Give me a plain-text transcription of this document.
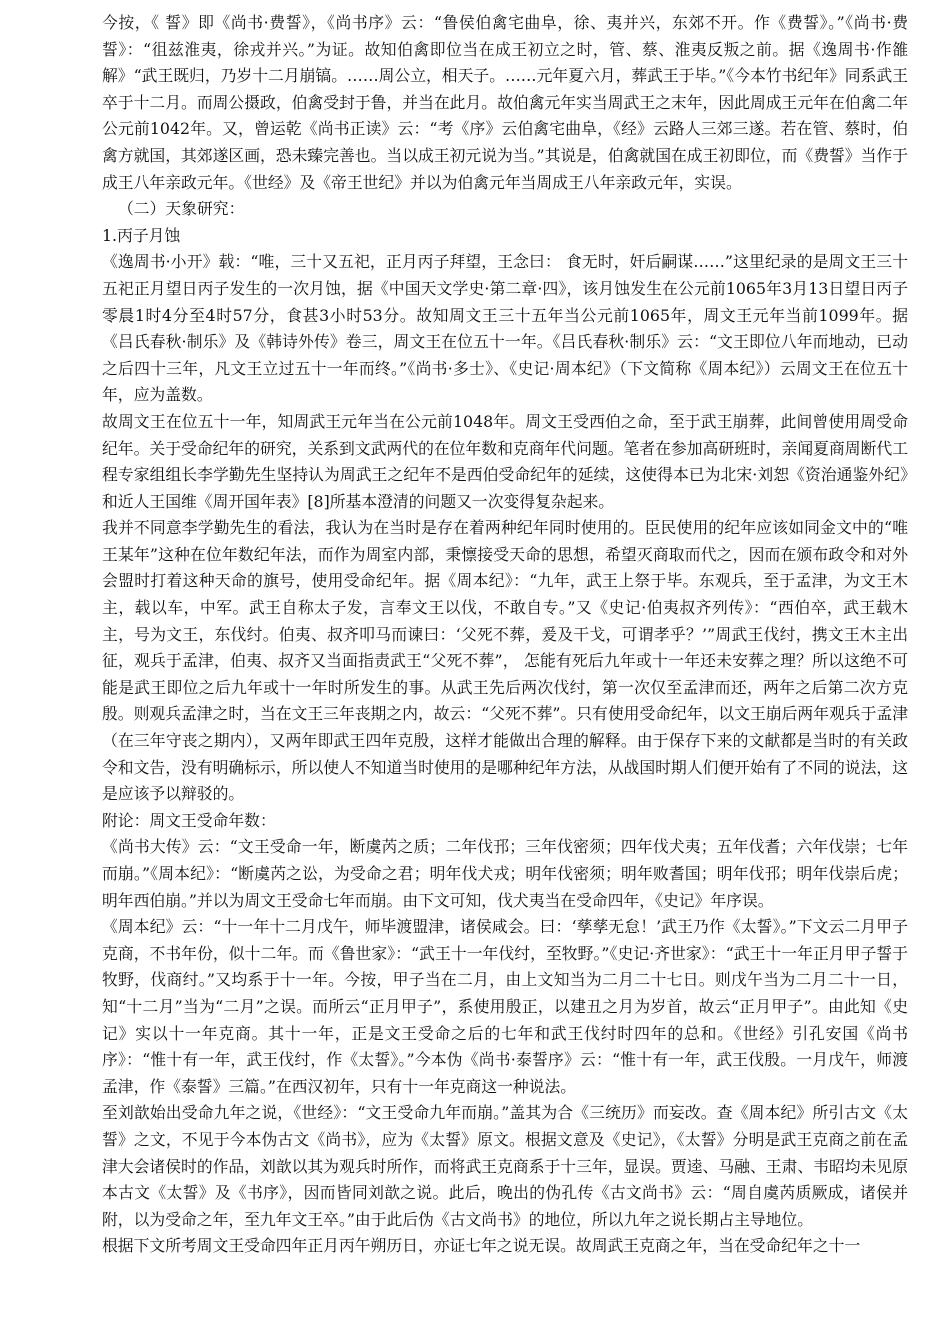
今按，《 誓》即《尚书·费誓》，《尚书序》云：“鲁侯伯禽宅曲阜，徐、夷并兴，东郊不开。作《费誓》。”《尚书·费誓》：“徂兹淮夷，徐戎并兴。”为证。故知伯禽即位当在成王初立之时，管、蔡、淮夷反叛之前。据《逸周书·作雒解》“武王既归，乃岁十二月崩镐。……周公立，相天子。……元年夏六月，葬武王于毕。”《今本竹书纪年》同系武王卒于十二月。而周公摄政，伯禽受封于鲁，并当在此月。故伯禽元年实当周武王之末年，因此周成王元年在伯禽二年公元前1042年。又，曾运乾《尚书正读》云：“考《序》云伯禽宅曲阜，《经》云路人三郊三遂。若在管、蔡时，伯禽方就国，其郊遂区画，恐未臻完善也。当以成王初元说为当。”其说是，伯禽就国在成王初即位，而《费誓》当作于成王八年亲政元年。《世经》及《帝王世纪》并以为伯禽元年当周成王八年亲政元年，实误。

（二）天象研究：

1.丙子月蚀

《逸周书·小开》载：“唯，三十又五祀，正月丙子拜望，王念曰： 食无时，奸后嗣谋……”这里纪录的是周文王三十五祀正月望日丙子发生的一次月蚀，据《中国天文学史·第二章·四》，该月蚀发生在公元前1065年3月13日望日丙子零晨1时4分至4时57分，食甚3小时53分。故知周文王三十五年当公元前1065年，周文王元年当前1099年。据《吕氏春秋·制乐》及《韩诗外传》卷三，周文王在位五十一年。《吕氏春秋·制乐》云：“文王即位八年而地动，已动之后四十三年，凡文王立过五十一年而终。”《尚书·多士》、《史记·周本纪》（下文简称《周本纪》）云周文王在位五十年，应为盖数。

故周文王在位五十一年，知周武王元年当在公元前1048年。周文王受西伯之命，至于武王崩葬，此间曾使用周受命纪年。关于受命纪年的研究，关系到文武两代的在位年数和克商年代问题。笔者在参加高研班时，亲闻夏商周断代工程专家组组长李学勤先生坚持认为周武王之纪年不是西伯受命纪年的延续，这使得本已为北宋·刘恕《资治通鉴外纪》和近人王国维《周开国年表》[8]所基本澄清的问题又一次变得复杂起来。

我并不同意李学勤先生的看法，我认为在当时是存在着两种纪年同时使用的。臣民使用的纪年应该如同金文中的“唯王某年”这种在位年数纪年法，而作为周室内部，秉懔接受天命的思想，希望灭商取而代之，因而在颁布政令和对外会盟时打着这种天命的旗号，使用受命纪年。据《周本纪》：“九年，武王上祭于毕。东观兵，至于孟津，为文王木主，载以车，中军。武王自称太子发，言奉文王以伐，不敢自专。”又《史记·伯夷叔齐列传》：“西伯卒，武王载木主，号为文王，东伐纣。伯夷、叔齐叩马而谏曰：‘父死不葬，爰及干戈，可谓孝乎？’”周武王伐纣，携文王木主出征，观兵于孟津，伯夷、叔齐又当面指责武王“父死不葬”， 怎能有死后九年或十一年还未安葬之理？所以这绝不可能是武王即位之后九年或十一年时所发生的事。从武王先后两次伐纣，第一次仅至孟津而还，两年之后第二次方克殷。则观兵孟津之时，当在文王三年丧期之内，故云：“父死不葬”。只有使用受命纪年，以文王崩后两年观兵于孟津（在三年守丧之期内），又两年即武王四年克殷，这样才能做出合理的解释。由于保存下来的文献都是当时的有关政令和文告，没有明确标示，所以使人不知道当时使用的是哪种纪年方法，从战国时期人们便开始有了不同的说法，这是应该予以辩驳的。

附论：周文王受命年数：

《尚书大传》云：“文王受命一年，断虞芮之质；二年伐邘；三年伐密须；四年伐犬夷；五年伐耆；六年伐崇；七年而崩。”《周本纪》：“断虞芮之讼，为受命之君；明年伐犬戎；明年伐密须；明年败耆国；明年伐邘；明年伐崇后虎；明年西伯崩。”并以为周文王受命七年而崩。由下文可知，伐犬夷当在受命四年，《史记》年序误。

《周本纪》云：“十一年十二月戊午，师毕渡盟津，诸侯咸会。曰：‘孳孳无怠！’武王乃作《太誓》。”下文云二月甲子克商，不书年份，似十二年。而《鲁世家》：“武王十一年伐纣，至牧野。”《史记·齐世家》：“武王十一年正月甲子誓于牧野，伐商纣。”又均系于十一年。今按，甲子当在二月，由上文知当为二月二十七日。则戊午当为二月二十一日，知“十二月”当为“二月”之误。而所云“正月甲子”，系使用殷正，以建丑之月为岁首，故云“正月甲子”。由此知《史记》实以十一年克商。其十一年，正是文王受命之后的七年和武王伐纣时四年的总和。《世经》引孔安国《尚书序》：“惟十有一年，武王伐纣，作《太誓》。”今本伪《尚书·泰誓序》云：“惟十有一年，武王伐殷。一月戊午，师渡孟津，作《泰誓》三篇。”在西汉初年，只有十一年克商这一种说法。

至刘歆始出受命九年之说，《世经》：“文王受命九年而崩。”盖其为合《三统历》而妄改。查《周本纪》所引古文《太誓》之文，不见于今本伪古文《尚书》，应为《太誓》原文。根据文意及《史记》，《太誓》分明是武王克商之前在孟津大会诸侯时的作品，刘歆以其为观兵时所作，而将武王克商系于十三年，显误。贾逵、马融、王肃、韦昭均未见原本古文《太誓》及《书序》，因而皆同刘歆之说。此后，晚出的伪孔传《古文尚书》云：“周自虞芮质厥成，诸侯并附，以为受命之年，至九年文王卒。”由于此后伪《古文尚书》的地位，所以九年之说长期占主导地位。

根据下文所考周文王受命四年正月丙午朔历日，亦证七年之说无误。故周武王克商之年，当在受命纪年之十一
